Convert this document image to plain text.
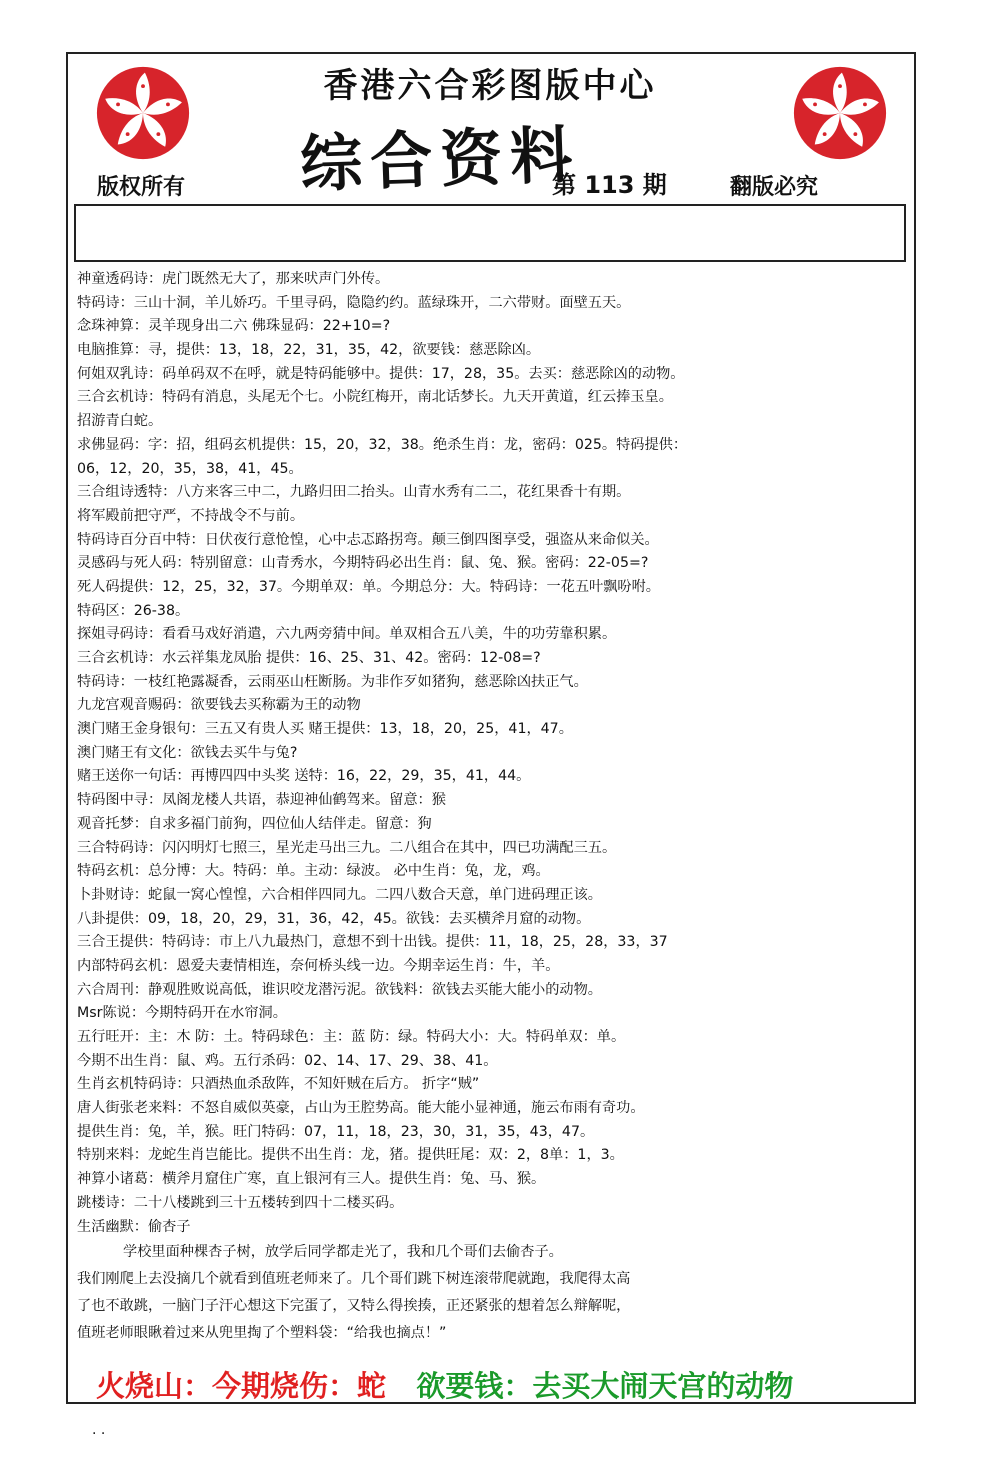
香港六合彩图版中心
综合资料
第 113 期
版权所有	翻版必究
神童透码诗：虎门既然无大了，那来吠声门外传。
特码诗：三山十洞，羊儿娇巧。千里寻码，隐隐约约。蓝绿珠开，二六带财。面壁五天。
念珠神算：灵羊现身出二六 佛珠显码：22+10=?
电脑推算：寻，提供：13，18，22，31，35，42，欲要钱：慈恶除凶。
何姐双乳诗：码单码双不在呼，就是特码能够中。提供：17，28，35。去买：慈恶除凶的动物。
三合玄机诗：特码有消息，头尾无个七。小院红梅开，南北话梦长。九天开黄道，红云捧玉皇。
招游青白蛇。
求佛显码：字：招，组码玄机提供：15，20，32，38。绝杀生肖：龙，密码：025。特码提供：
06，12，20，35，38，41，45。
三合组诗透特：八方来客三中二，九路归田二抬头。山青水秀有二二，花红果香十有期。
将军殿前把守严，不持战令不与前。
特码诗百分百中特：日伏夜行意怆惶，心中忐忑路拐弯。颠三倒四图享受，强盗从来命似关。
灵感码与死人码：特别留意：山青秀水，今期特码必出生肖：鼠、兔、猴。密码：22-05=?
死人码提供：12，25，32，37。今期单双：单。今期总分：大。特码诗：一花五叶飘吩咐。
特码区：26-38。
探姐寻码诗：看看马戏好消遣，六九两旁猜中间。单双相合五八美，牛的功劳靠积累。
三合玄机诗：水云祥集龙凤胎 提供：16、25、31、42。密码：12-08=?
特码诗：一枝红艳露凝香，云雨巫山枉断肠。为非作歹如猪狗，慈恶除凶扶正气。
九龙宫观音赐码：欲要钱去买称霸为王的动物
澳门赌王金身银句：三五又有贵人买 赌王提供：13，18，20，25，41，47。
澳门赌王有文化：欲钱去买牛与兔?
赌王送你一句话：再博四四中头奖 送特：16，22，29，35，41，44。
特码图中寻：凤阁龙楼人共语，恭迎神仙鹤驾来。留意：猴
观音托梦：自求多福门前狗，四位仙人结伴走。留意：狗
三合特码诗：闪闪明灯七照三，星光走马出三九。二八组合在其中，四已功满配三五。
特码玄机：总分博：大。特码：单。主动：绿波。 必中生肖：兔，龙，鸡。
卜卦财诗：蛇鼠一窝心惶惶，六合相伴四同九。二四八数合天意，单门进码理正该。
八卦提供：09，18，20，29，31，36，42，45。欲钱：去买横斧月窟的动物。
三合王提供：特码诗：市上八九最热门，意想不到十出钱。提供：11，18，25，28，33，37
内部特码玄机：恩爱夫妻情相连，奈何桥头线一边。今期幸运生肖：牛，羊。
六合周刊：静观胜败说高低，谁识咬龙潜污泥。欲钱料：欲钱去买能大能小的动物。
Msr陈说：今期特码开在水帘洞。
五行旺开：主：木 防：土。特码球色：主：蓝 防：绿。特码大小：大。特码单双：单。
今期不出生肖：鼠、鸡。五行杀码：02、14、17、29、38、41。
生肖玄机特码诗：只酒热血杀敌阵，不知奸贼在后方。 折字“贼”
唐人街张老来料：不怒自威似英豪，占山为王腔势高。能大能小显神通，施云布雨有奇功。
提供生肖：兔，羊，猴。旺门特码：07，11，18，23，30，31，35，43，47。
特别来料：龙蛇生肖岂能比。提供不出生肖：龙，猪。提供旺尾：双：2，8单：1，3。
神算小诸葛：横斧月窟住广寒，直上银河有三人。提供生肖：兔、马、猴。
跳楼诗：二十八楼跳到三十五楼转到四十二楼买码。
生活幽默：偷杏子
学校里面种棵杏子树，放学后同学都走光了，我和几个哥们去偷杏子。
我们刚爬上去没摘几个就看到值班老师来了。几个哥们跳下树连滚带爬就跑，我爬得太高
了也不敢跳，一脑门子汗心想这下完蛋了，又特么得挨揍，正还紧张的想着怎么辩解呢，
值班老师眼瞅着过来从兜里掏了个塑料袋：“给我也摘点！”
火烧山：今期烧伤：蛇 欲要钱：去买大闹天宫的动物
. .
